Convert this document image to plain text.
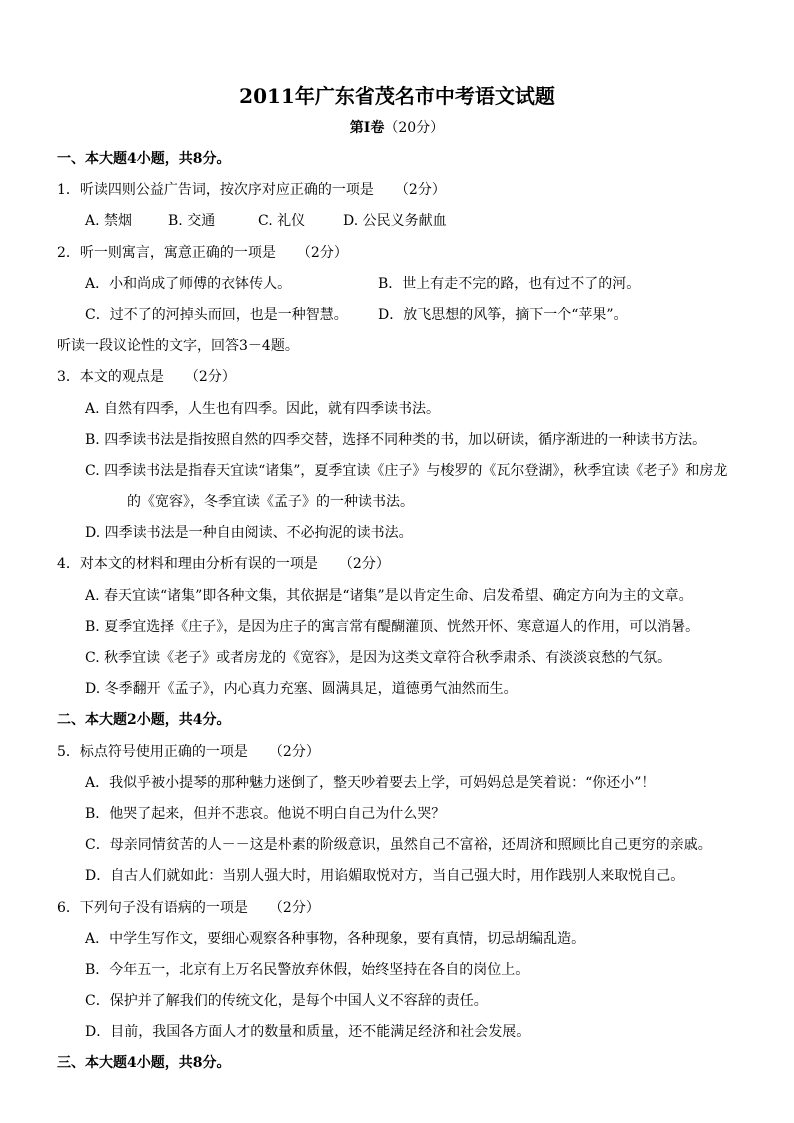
2011年广东省茂名市中考语文试题
第Ⅰ卷（20分）
一、本大题4小题，共8分。
1．听读四则公益广告词，按次序对应正确的一项是　　（2分）
A. 禁烟	B. 交通	C. 礼仪	D. 公民义务献血
2．听一则寓言，寓意正确的一项是　　（2分）
A．小和尚成了师傅的衣钵传人。	B．世上有走不完的路，也有过不了的河。
C．过不了的河掉头而回，也是一种智慧。 D．放飞思想的风筝，摘下一个“苹果”。
听读一段议论性的文字，回答3－4题。
3．本文的观点是　　（2分）
A. 自然有四季，人生也有四季。因此，就有四季读书法。
B. 四季读书法是指按照自然的四季交替，选择不同种类的书，加以研读，循序渐进的一种读书方法。
C. 四季读书法是指春天宜读“诸集”，夏季宜读《庄子》与梭罗的《瓦尔登湖》，秋季宜读《老子》和房龙
的《宽容》，冬季宜读《孟子》的一种读书法。
D. 四季读书法是一种自由阅读、不必拘泥的读书法。
4．对本文的材料和理由分析有误的一项是　　（2分）
A. 春天宜读“诸集”即各种文集，其依据是“诸集”是以肯定生命、启发希望、确定方向为主的文章。
B. 夏季宜选择《庄子》，是因为庄子的寓言常有醍醐灌顶、恍然开怀、寒意逼人的作用，可以消暑。
C. 秋季宜读《老子》或者房龙的《宽容》，是因为这类文章符合秋季肃杀、有淡淡哀愁的气氛。
D. 冬季翻开《孟子》，内心真力充塞、圆满具足，道德勇气油然而生。
二、本大题2小题，共4分。
5．标点符号使用正确的一项是　　（2分）
A．我似乎被小提琴的那种魅力迷倒了，整天吵着要去上学，可妈妈总是笑着说：“你还小”！
B．他哭了起来，但并不悲哀。他说不明白自己为什么哭？
C．母亲同情贫苦的人－－这是朴素的阶级意识，虽然自己不富裕，还周济和照顾比自己更穷的亲戚。
D．自古人们就如此：当别人强大时，用谄媚取悦对方，当自己强大时，用作践别人来取悦自己。
6．下列句子没有语病的一项是　　（2分）
A．中学生写作文，要细心观察各种事物，各种现象，要有真情，切忌胡编乱造。
B．今年五一，北京有上万名民警放弃休假，始终坚持在各自的岗位上。
C．保护并了解我们的传统文化，是每个中国人义不容辞的责任。
D．目前，我国各方面人才的数量和质量，还不能满足经济和社会发展。
三、本大题4小题，共8分。
